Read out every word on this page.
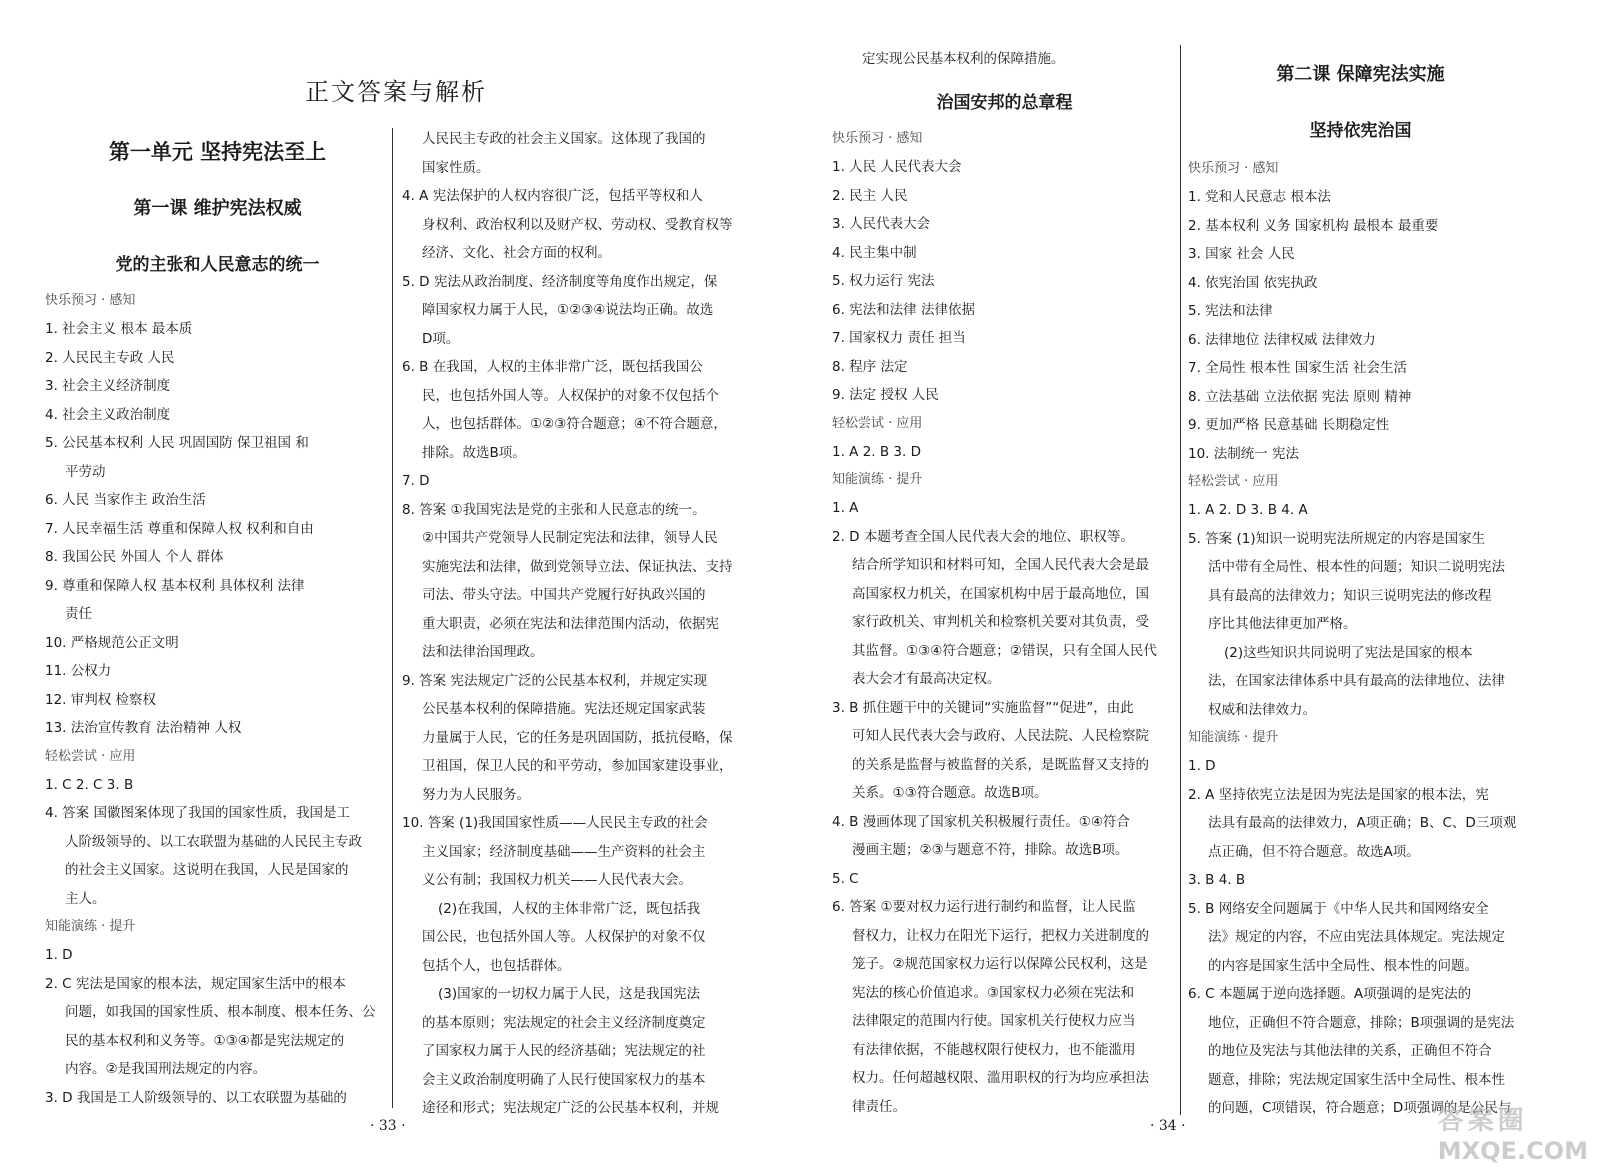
正文答案与解析
第一单元 坚持宪法至上
第一课 维护宪法权威
党的主张和人民意志的统一

快乐预习 · 感知

1. 社会主义 根本 最本质

2. 人民民主专政 人民

3. 社会主义经济制度

4. 社会主义政治制度

5. 公民基本权利 人民 巩固国防 保卫祖国 和

平劳动

6. 人民 当家作主 政治生活

7. 人民幸福生活 尊重和保障人权 权利和自由

8. 我国公民 外国人 个人 群体

9. 尊重和保障人权 基本权利 具体权利 法律

责任

10. 严格规范公正文明

11. 公权力

12. 审判权 检察权

13. 法治宣传教育 法治精神 人权

轻松尝试 · 应用

1. C 2. C 3. B

4. 答案 国徽图案体现了我国的国家性质，我国是工

人阶级领导的、以工农联盟为基础的人民民主专政

的社会主义国家。这说明在我国，人民是国家的

主人。

知能演练 · 提升

1. D

2. C 宪法是国家的根本法，规定国家生活中的根本

问题，如我国的国家性质、根本制度、根本任务、公

民的基本权利和义务等。①③④都是宪法规定的

内容。②是我国刑法规定的内容。

3. D 我国是工人阶级领导的、以工农联盟为基础的

人民民主专政的社会主义国家。这体现了我国的

国家性质。

4. A 宪法保护的人权内容很广泛，包括平等权和人

身权利、政治权利以及财产权、劳动权、受教育权等

经济、文化、社会方面的权利。

5. D 宪法从政治制度、经济制度等角度作出规定，保

障国家权力属于人民，①②③④说法均正确。故选

D项。

6. B 在我国，人权的主体非常广泛，既包括我国公

民，也包括外国人等。人权保护的对象不仅包括个

人，也包括群体。①②③符合题意；④不符合题意，

排除。故选B项。

7. D

8. 答案 ①我国宪法是党的主张和人民意志的统一。

②中国共产党领导人民制定宪法和法律，领导人民

实施宪法和法律，做到党领导立法、保证执法、支持

司法、带头守法。中国共产党履行好执政兴国的

重大职责，必须在宪法和法律范围内活动，依据宪

法和法律治国理政。

9. 答案 宪法规定广泛的公民基本权利，并规定实现

公民基本权利的保障措施。宪法还规定国家武装

力量属于人民，它的任务是巩固国防，抵抗侵略，保

卫祖国，保卫人民的和平劳动，参加国家建设事业，

努力为人民服务。

10. 答案 (1)我国国家性质——人民民主专政的社会

主义国家；经济制度基础——生产资料的社会主

义公有制；我国权力机关——人民代表大会。

(2)在我国，人权的主体非常广泛，既包括我

国公民，也包括外国人等。人权保护的对象不仅

包括个人，也包括群体。

(3)国家的一切权力属于人民，这是我国宪法

的基本原则；宪法规定的社会主义经济制度奠定

了国家权力属于人民的经济基础；宪法规定的社

会主义政治制度明确了人民行使国家权力的基本

途径和形式；宪法规定广泛的公民基本权利，并规

· 33 ·

定实现公民基本权利的保障措施。

治国安邦的总章程

快乐预习 · 感知

1. 人民 人民代表大会

2. 民主 人民

3. 人民代表大会

4. 民主集中制

5. 权力运行 宪法

6. 宪法和法律 法律依据

7. 国家权力 责任 担当

8. 程序 法定

9. 法定 授权 人民

轻松尝试 · 应用

1. A 2. B 3. D

知能演练 · 提升

1. A

2. D 本题考查全国人民代表大会的地位、职权等。

结合所学知识和材料可知，全国人民代表大会是最

高国家权力机关，在国家机构中居于最高地位，国

家行政机关、审判机关和检察机关要对其负责，受

其监督。①③④符合题意；②错误，只有全国人民代

表大会才有最高决定权。

3. B 抓住题干中的关键词“实施监督”“促进”，由此

可知人民代表大会与政府、人民法院、人民检察院

的关系是监督与被监督的关系，是既监督又支持的

关系。①③符合题意。故选B项。

4. B 漫画体现了国家机关积极履行责任。①④符合

漫画主题；②③与题意不符，排除。故选B项。

5. C

6. 答案 ①要对权力运行进行制约和监督，让人民监

督权力，让权力在阳光下运行，把权力关进制度的

笼子。②规范国家权力运行以保障公民权利，这是

宪法的核心价值追求。③国家权力必须在宪法和

法律限定的范围内行使。国家机关行使权力应当

有法律依据，不能越权限行使权力，也不能滥用

权力。任何超越权限、滥用职权的行为均应承担法

律责任。

第二课 保障宪法实施
坚持依宪治国

快乐预习 · 感知

1. 党和人民意志 根本法

2. 基本权利 义务 国家机构 最根本 最重要

3. 国家 社会 人民

4. 依宪治国 依宪执政

5. 宪法和法律

6. 法律地位 法律权威 法律效力

7. 全局性 根本性 国家生活 社会生活

8. 立法基础 立法依据 宪法 原则 精神

9. 更加严格 民意基础 长期稳定性

10. 法制统一 宪法

轻松尝试 · 应用

1. A 2. D 3. B 4. A

5. 答案 (1)知识一说明宪法所规定的内容是国家生

活中带有全局性、根本性的问题；知识二说明宪法

具有最高的法律效力；知识三说明宪法的修改程

序比其他法律更加严格。

(2)这些知识共同说明了宪法是国家的根本

法，在国家法律体系中具有最高的法律地位、法律

权威和法律效力。

知能演练 · 提升

1. D

2. A 坚持依宪立法是因为宪法是国家的根本法，宪

法具有最高的法律效力，A项正确；B、C、D三项观

点正确，但不符合题意。故选A项。

3. B 4. B

5. B 网络安全问题属于《中华人民共和国网络安全

法》规定的内容，不应由宪法具体规定。宪法规定

的内容是国家生活中全局性、根本性的问题。

6. C 本题属于逆向选择题。A项强调的是宪法的

地位，正确但不符合题意，排除；B项强调的是宪法

的地位及宪法与其他法律的关系，正确但不符合

题意，排除；宪法规定国家生活中全局性、根本性

的问题，C项错误，符合题意；D项强调的是公民与

· 34 ·	答案圈
MXQE.COM
